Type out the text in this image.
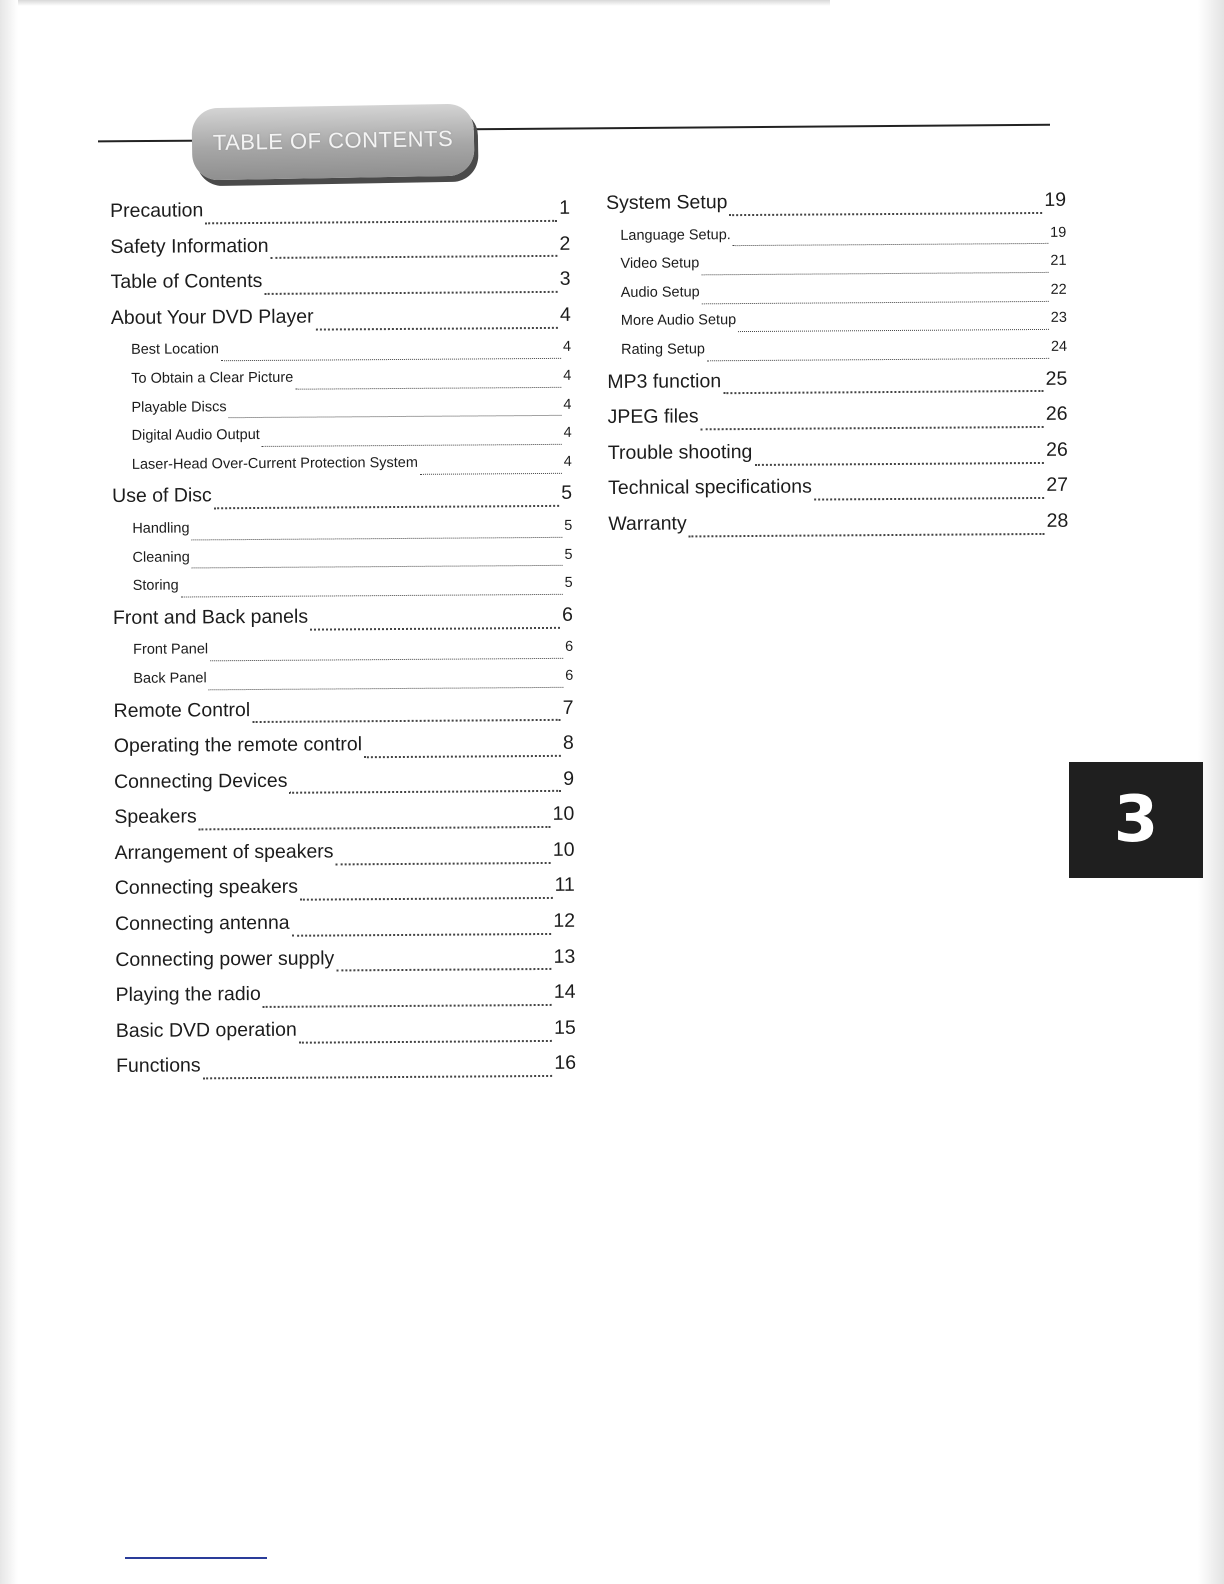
TABLE OF CONTENTS
Precaution	1
Safety Information	2
Table of Contents	3
About Your DVD Player	4
Best Location	4
To Obtain a Clear Picture	4
Playable Discs	4
Digital Audio Output	4
Laser-Head Over-Current Protection System	4
Use of Disc	5
Handling	5
Cleaning	5
Storing	5
Front and Back panels	6
Front Panel	6
Back Panel	6
Remote Control	7
Operating the remote control	8
Connecting Devices	9
Speakers	10
Arrangement of speakers	10
Connecting speakers	11
Connecting antenna	12
Connecting power supply	13
Playing the radio	14
Basic DVD operation	15
Functions	16
System Setup	19
Language Setup.	19
Video Setup	21
Audio Setup	22
More Audio Setup	23
Rating Setup	24
MP3 function	25
JPEG files	26
Trouble shooting	26
Technical specifications	27
Warranty	28
3
